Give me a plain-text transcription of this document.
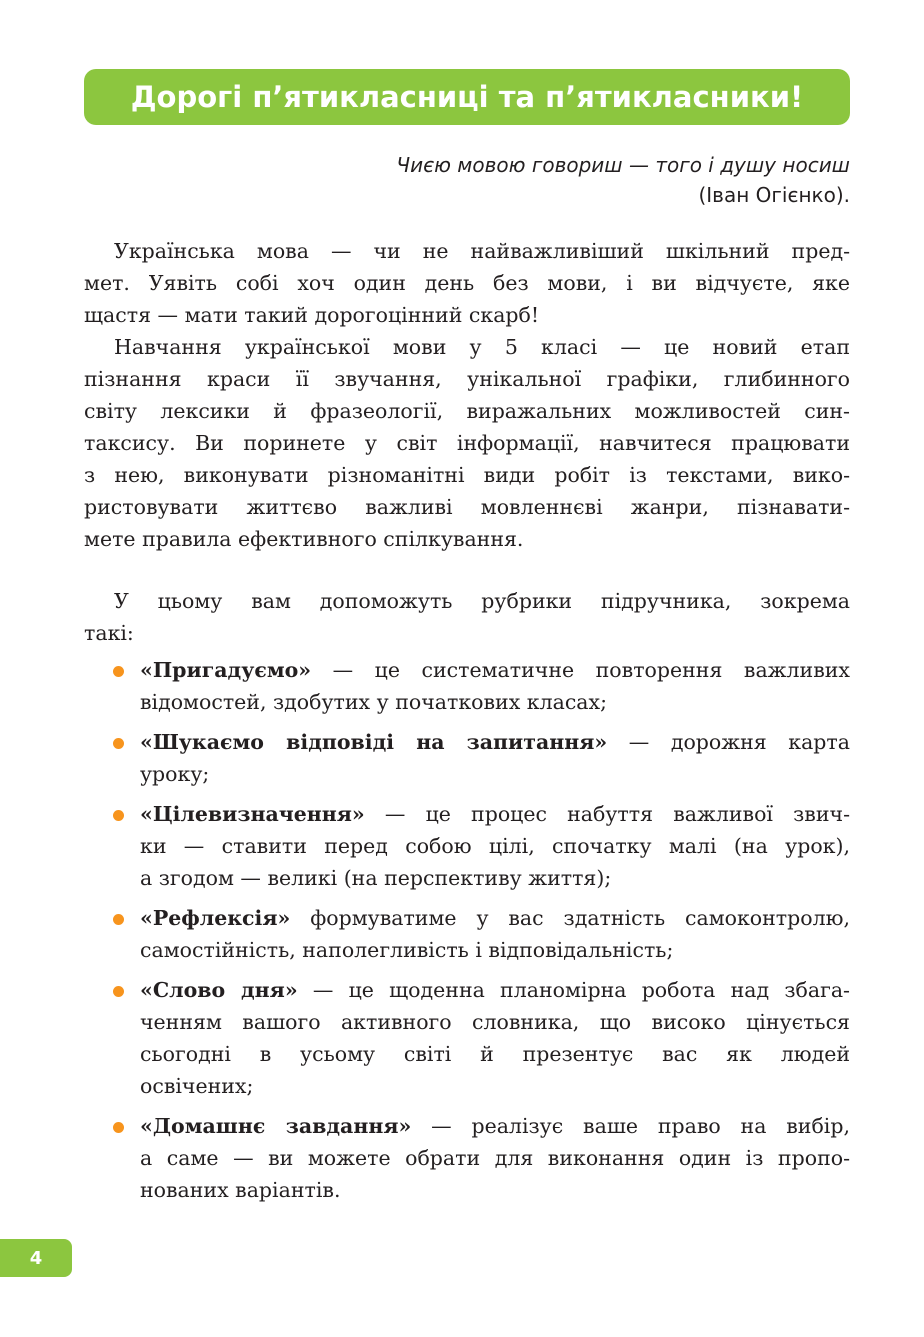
Дорогі п’ятикласниці та п’ятикласники!
Чиєю мовою говориш — того і душу носиш
(Іван Огієнко).
Українська мова — чи не найважливіший шкільний пред-
мет. Уявіть собі хоч один день без мови, і ви відчуєте, яке
щастя — мати такий дорогоцінний скарб!
Навчання української мови у 5 класі — це новий етап
пізнання краси її звучання, унікальної графіки, глибинного
світу лексики й фразеології, виражальних можливостей син-
таксису. Ви поринете у світ інформації, навчитеся працювати
з нею, виконувати різноманітні види робіт із текстами, вико-
ристовувати життєво важливі мовленнєві жанри, пізнавати-
мете правила ефективного спілкування.
У цьому вам допоможуть рубрики підручника, зокрема
такі:
«Пригадуємо» — це систематичне повторення важливих
відомостей, здобутих у початкових класах;
«Шукаємо відповіді на запитання» — дорожня карта
уроку;
«Цілевизначення» — це процес набуття важливої звич-
ки — ставити перед собою цілі, спочатку малі (на урок),
а згодом — великі (на перспективу життя);
«Рефлексія» формуватиме у вас здатність самоконтролю,
самостійність, наполегливість і відповідальність;
«Слово дня» — це щоденна планомірна робота над збага-
ченням вашого активного словника, що високо цінується
сьогодні в усьому світі й презентує вас як людей
освічених;
«Домашнє завдання» — реалізує ваше право на вибір,
а саме — ви можете обрати для виконання один із пропо-
нованих варіантів.
4
